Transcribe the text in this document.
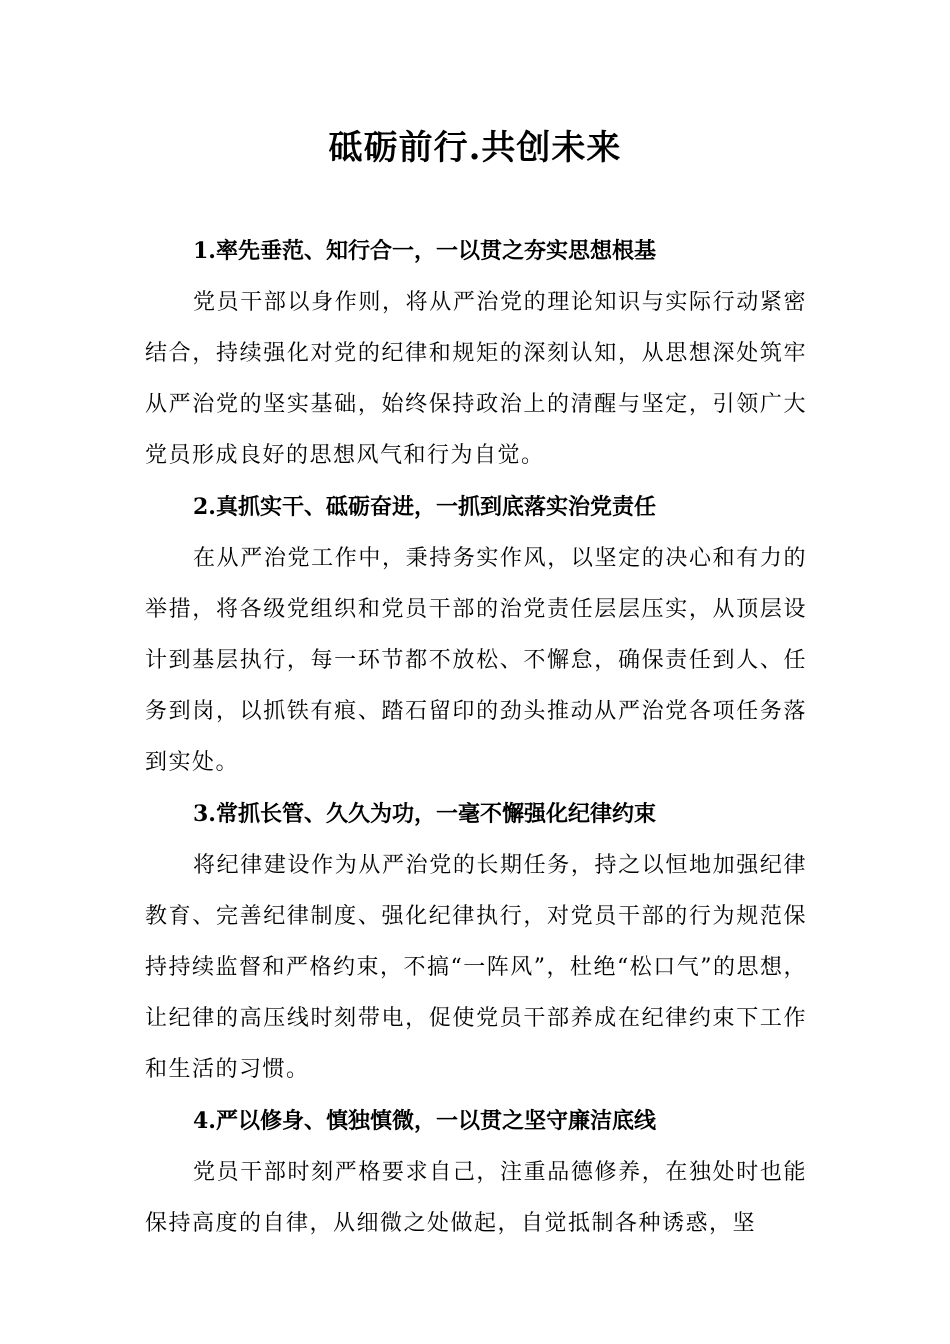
砥砺前行.共创未来
1.率先垂范、知行合一，一以贯之夯实思想根基

党员干部以身作则，将从严治党的理论知识与实际行动紧密结合，持续强化对党的纪律和规矩的深刻认知，从思想深处筑牢从严治党的坚实基础，始终保持政治上的清醒与坚定，引领广大党员形成良好的思想风气和行为自觉。

2.真抓实干、砥砺奋进，一抓到底落实治党责任

在从严治党工作中，秉持务实作风，以坚定的决心和有力的举措，将各级党组织和党员干部的治党责任层层压实，从顶层设计到基层执行，每一环节都不放松、不懈怠，确保责任到人、任务到岗，以抓铁有痕、踏石留印的劲头推动从严治党各项任务落到实处。

3.常抓长管、久久为功，一毫不懈强化纪律约束

将纪律建设作为从严治党的长期任务，持之以恒地加强纪律教育、完善纪律制度、强化纪律执行，对党员干部的行为规范保持持续监督和严格约束，不搞“一阵风”，杜绝“松口气”的思想，让纪律的高压线时刻带电，促使党员干部养成在纪律约束下工作和生活的习惯。

4.严以修身、慎独慎微，一以贯之坚守廉洁底线

党员干部时刻严格要求自己，注重品德修养，在独处时也能保持高度的自律，从细微之处做起，自觉抵制各种诱惑，坚
